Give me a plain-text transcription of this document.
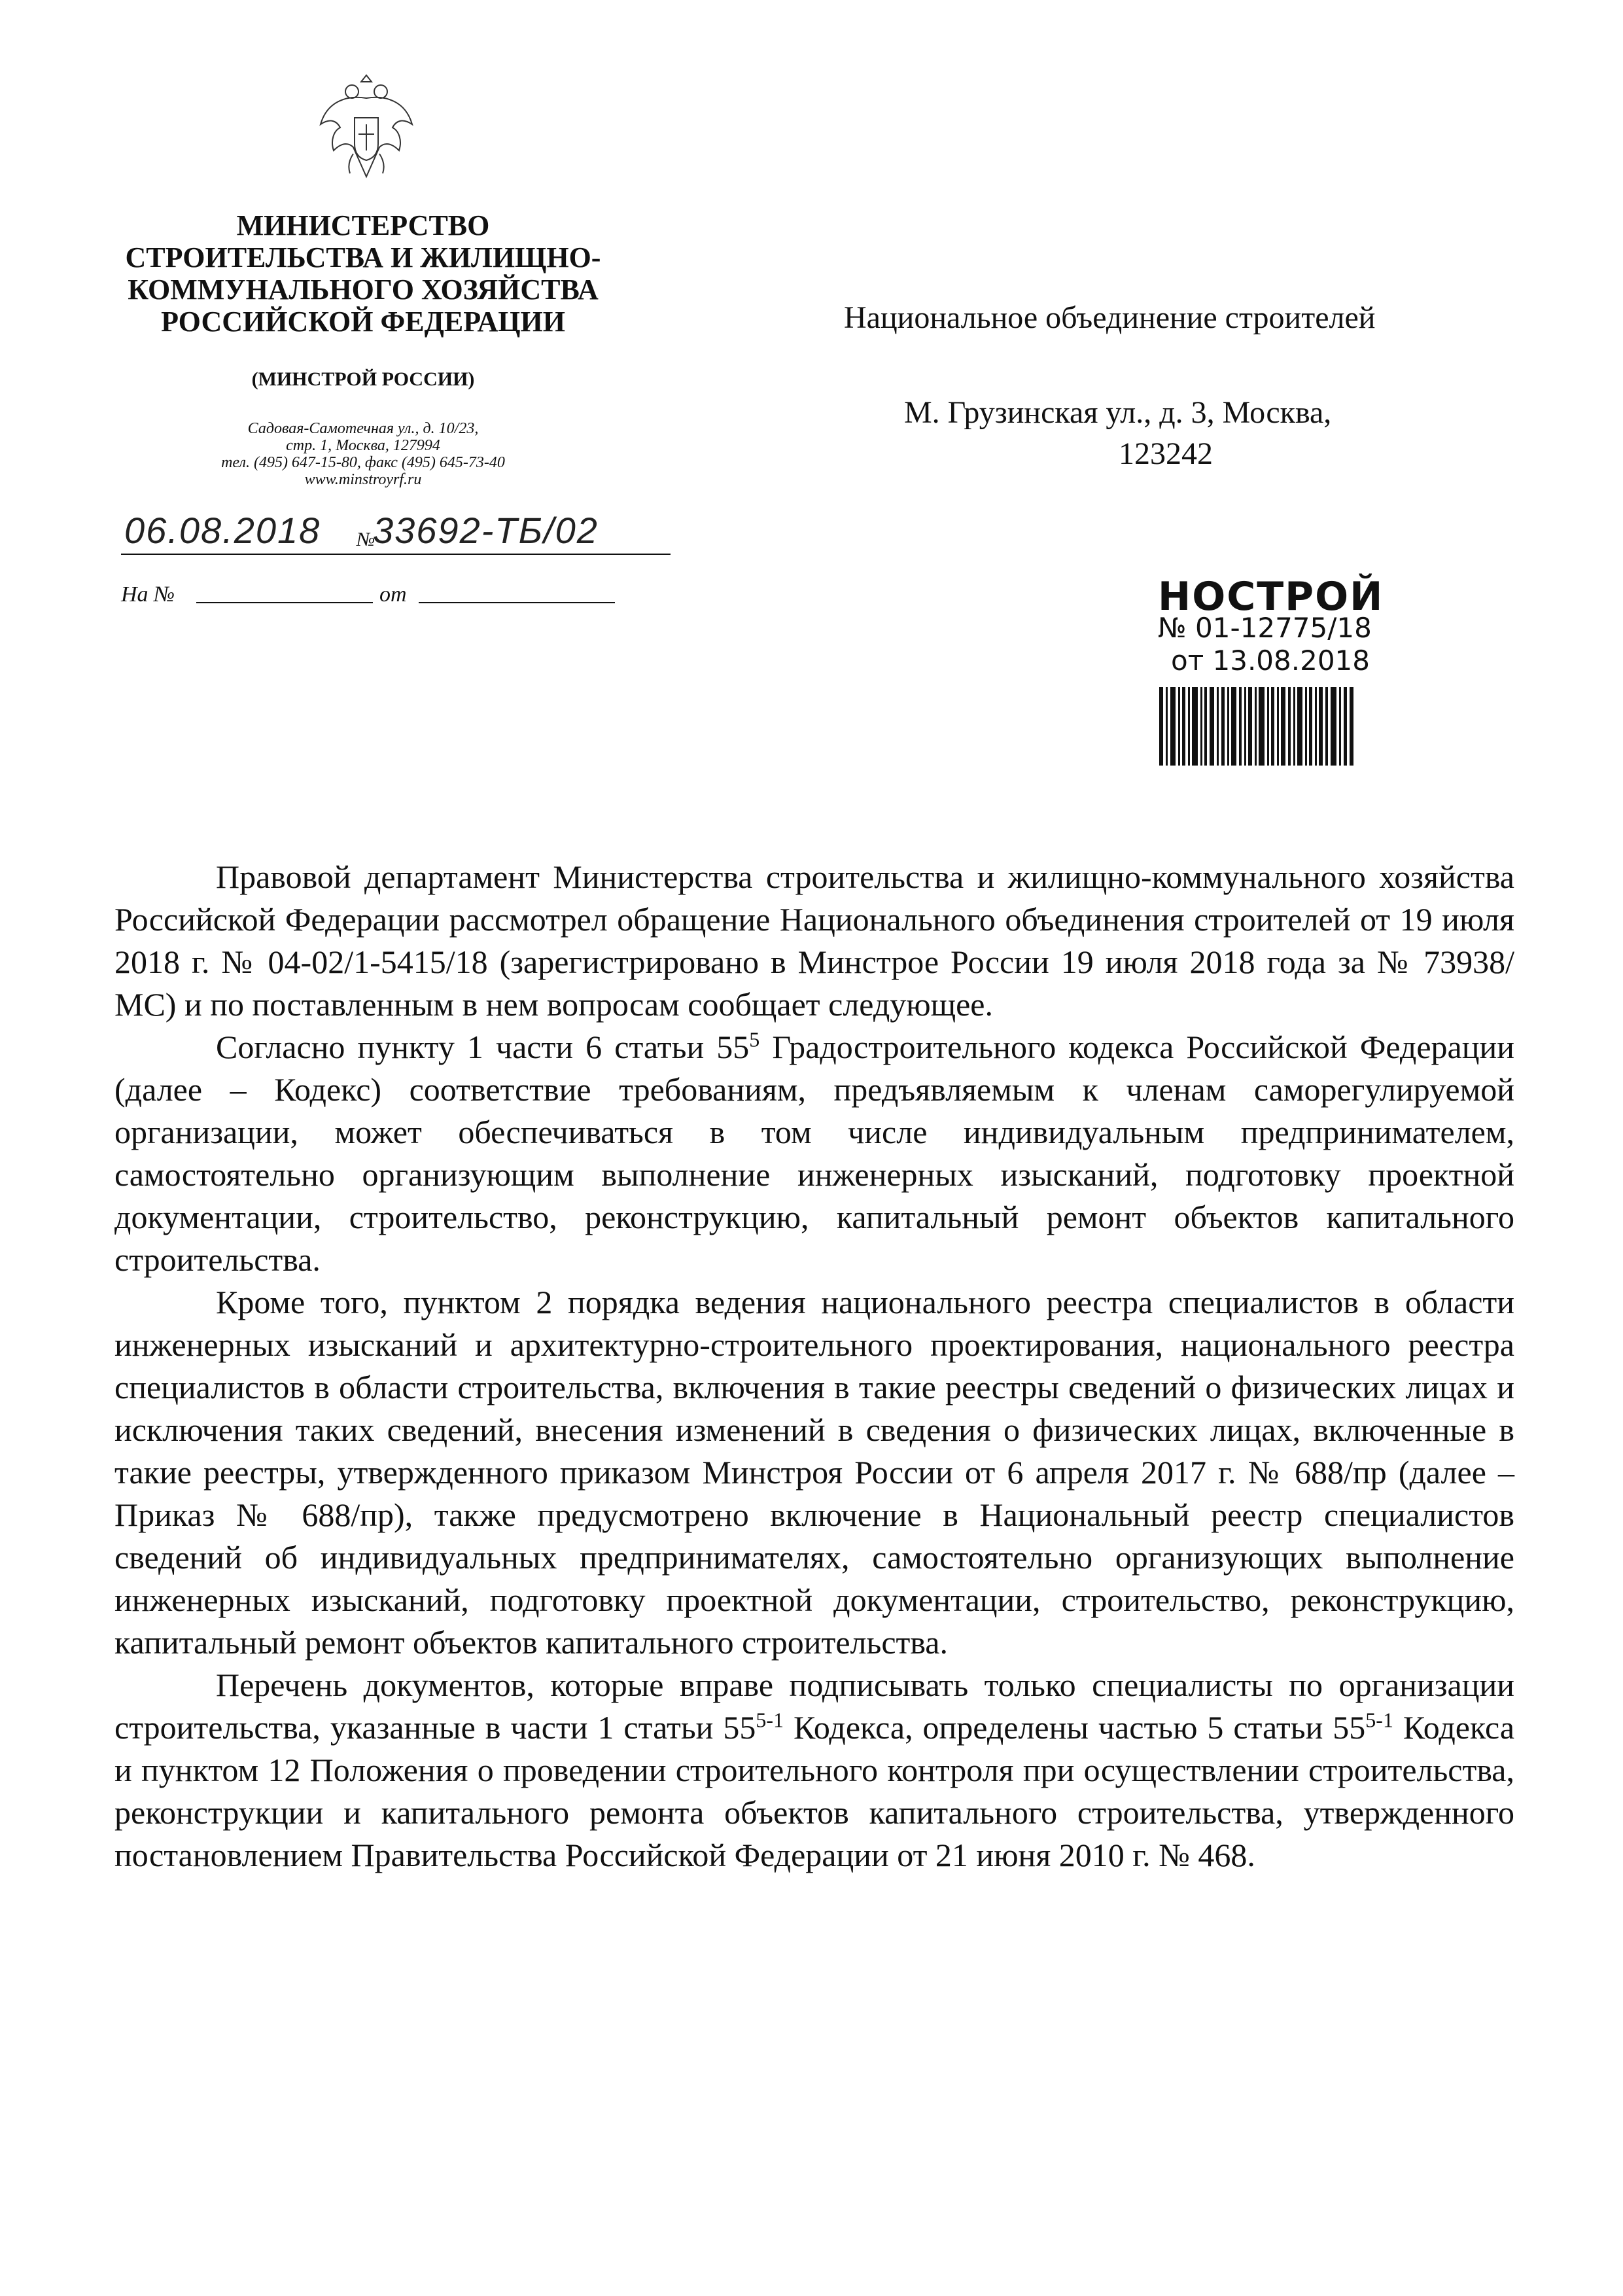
МИНИСТЕРСТВО
СТРОИТЕЛЬСТВА И ЖИЛИЩНО-
КОММУНАЛЬНОГО ХОЗЯЙСТВА
РОССИЙСКОЙ ФЕДЕРАЦИИ
(МИНСТРОЙ РОССИИ)
Садовая-Самотечная ул., д. 10/23,
стр. 1, Москва, 127994
тел. (495) 647-15-80, факс (495) 645-73-40
www.minstroyrf.ru
06.08.2018 №
33692-ТБ/02
На №	от
Национальное объединение строителей
М. Грузинская ул., д. 3, Москва,
123242
НОСТРОЙ
№ 01-12775/18
от 13.08.2018

Правовой департамент Министерства строительства и жилищно-коммунального хозяйства Российской Федерации рассмотрел обращение Национального объединения строителей от 19 июля 2018 г. № 04-02/1-5415/18 (зарегистрировано в Минстрое России 19 июля 2018 года за № 73938/МС) и по поставленным в нем вопросам сообщает следующее.

Согласно пункту 1 части 6 статьи $55^5$ Градостроительного кодекса Российской Федерации (далее – Кодекс) соответствие требованиям, предъявляемым к членам саморегулируемой организации, может обеспечиваться в том числе индивидуальным предпринимателем, самостоятельно организующим выполнение инженерных изысканий, подготовку проектной документации, строительство, реконструкцию, капитальный ремонт объектов капитального строительства.

Кроме того, пунктом 2 порядка ведения национального реестра специалистов в области инженерных изысканий и архитектурно-строительного проектирования, национального реестра специалистов в области строительства, включения в такие реестры сведений о физических лицах и исключения таких сведений, внесения изменений в сведения о физических лицах, включенные в такие реестры, утвержденного приказом Минстроя России от 6 апреля 2017 г. № 688/пр (далее – Приказ № 688/пр), также предусмотрено включение в Национальный реестр специалистов сведений об индивидуальных предпринимателях, самостоятельно организующих выполнение инженерных изысканий, подготовку проектной документации, строительство, реконструкцию, капитальный ремонт объектов капитального строительства.

Перечень документов, которые вправе подписывать только специалисты по организации строительства, указанные в части 1 статьи 55$^{5-1}$ Кодекса, определены частью 5 статьи 55$^{5-1}$ Кодекса и пунктом 12 Положения о проведении строительного контроля при осуществлении строительства, реконструкции и капитального ремонта объектов капитального строительства, утвержденного постановлением Правительства Российской Федерации от 21 июня 2010 г. № 468.
